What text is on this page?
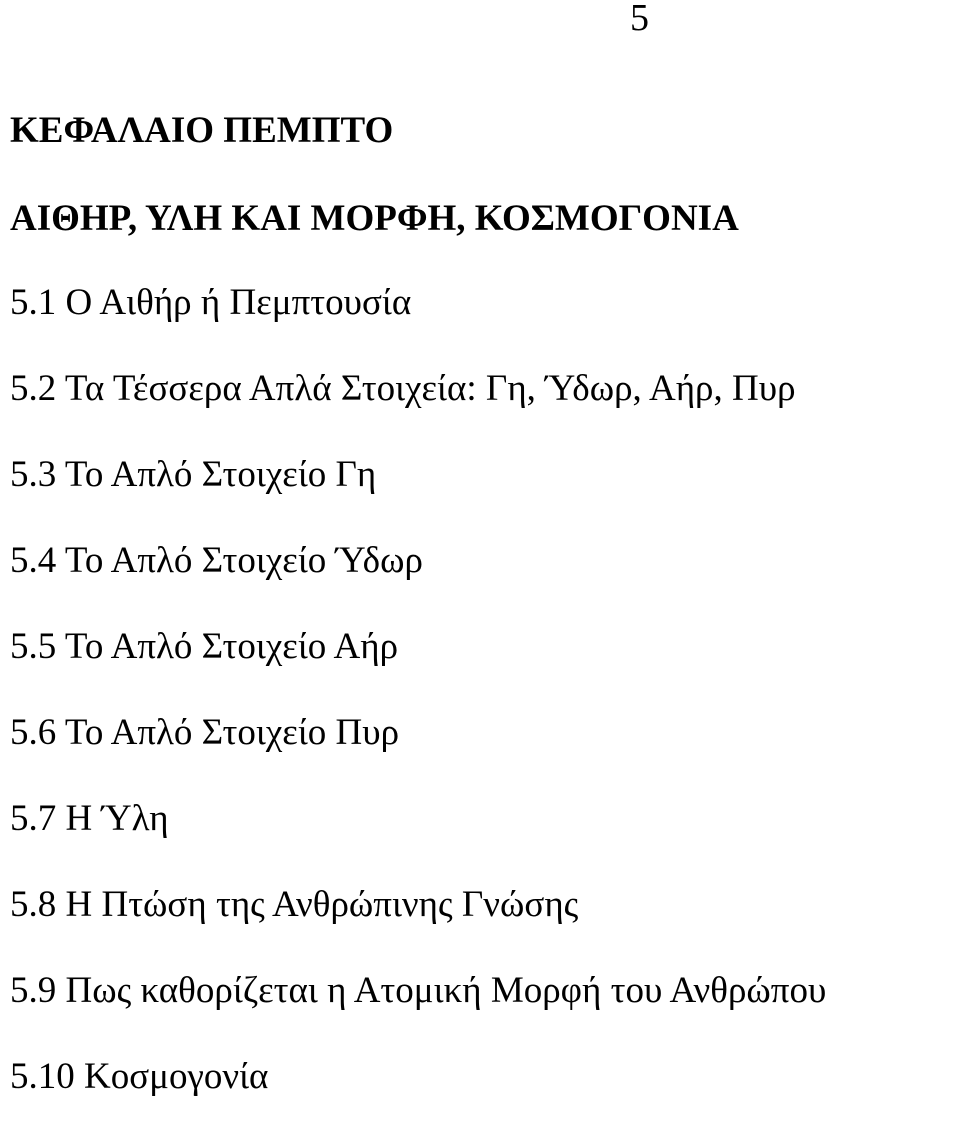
5
ΚΕΦΑΛΑΙΟ ΠΕΜΠΤΟ
ΑΙΘΗΡ, ΥΛΗ ΚΑΙ ΜΟΡΦΗ, ΚΟΣΜΟΓΟΝΙΑ
5.1 Ο Αιθήρ ή Πεμπτουσία
5.2 Τα Τέσσερα Απλά Στοιχεία: Γη, Ύδωρ, Αήρ, Πυρ
5.3 Το Απλό Στοιχείο Γη
5.4 Το Απλό Στοιχείο Ύδωρ
5.5 Το Απλό Στοιχείο Αήρ
5.6 Το Απλό Στοιχείο Πυρ
5.7 Η Ύλη
5.8 Η Πτώση της Ανθρώπινης Γνώσης
5.9 Πως καθορίζεται η Ατομική Μορφή του Ανθρώπου
5.10 Κοσμογονία
